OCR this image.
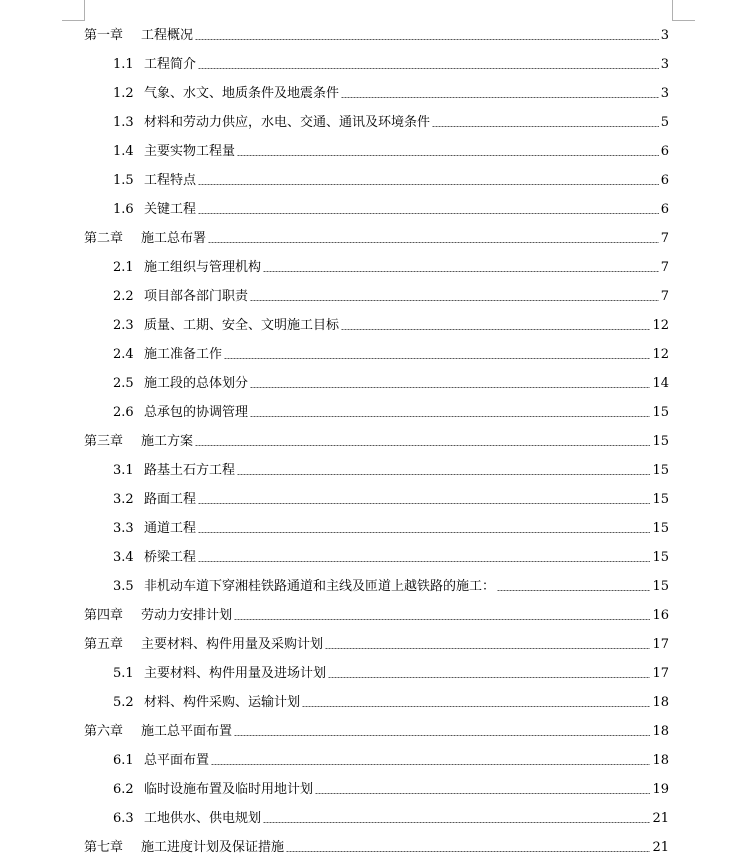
第一章	工程概况	3
1.1 工程简介	3
1.2 气象、水文、地质条件及地震条件	3
1.3 材料和劳动力供应，水电、交通、通讯及环境条件	5
1.4 主要实物工程量	6
1.5 工程特点	6
1.6 关键工程	6
第二章	施工总布署	7
2.1 施工组织与管理机构	7
2.2 项目部各部门职责	7
2.3 质量、工期、安全、文明施工目标	12
2.4 施工准备工作	12
2.5 施工段的总体划分	14
2.6 总承包的协调管理	15
第三章	施工方案	15
3.1 路基土石方工程	15
3.2 路面工程	15
3.3 通道工程	15
3.4 桥梁工程	15
3.5 非机动车道下穿湘桂铁路通道和主线及匝道上越铁路的施工：	15
第四章	劳动力安排计划	16
第五章	主要材料、构件用量及采购计划	17
5.1 主要材料、构件用量及进场计划	17
5.2 材料、构件采购、运输计划	18
第六章	施工总平面布置	18
6.1 总平面布置	18
6.2 临时设施布置及临时用地计划	19
6.3 工地供水、供电规划	21
第七章	施工进度计划及保证措施	21
